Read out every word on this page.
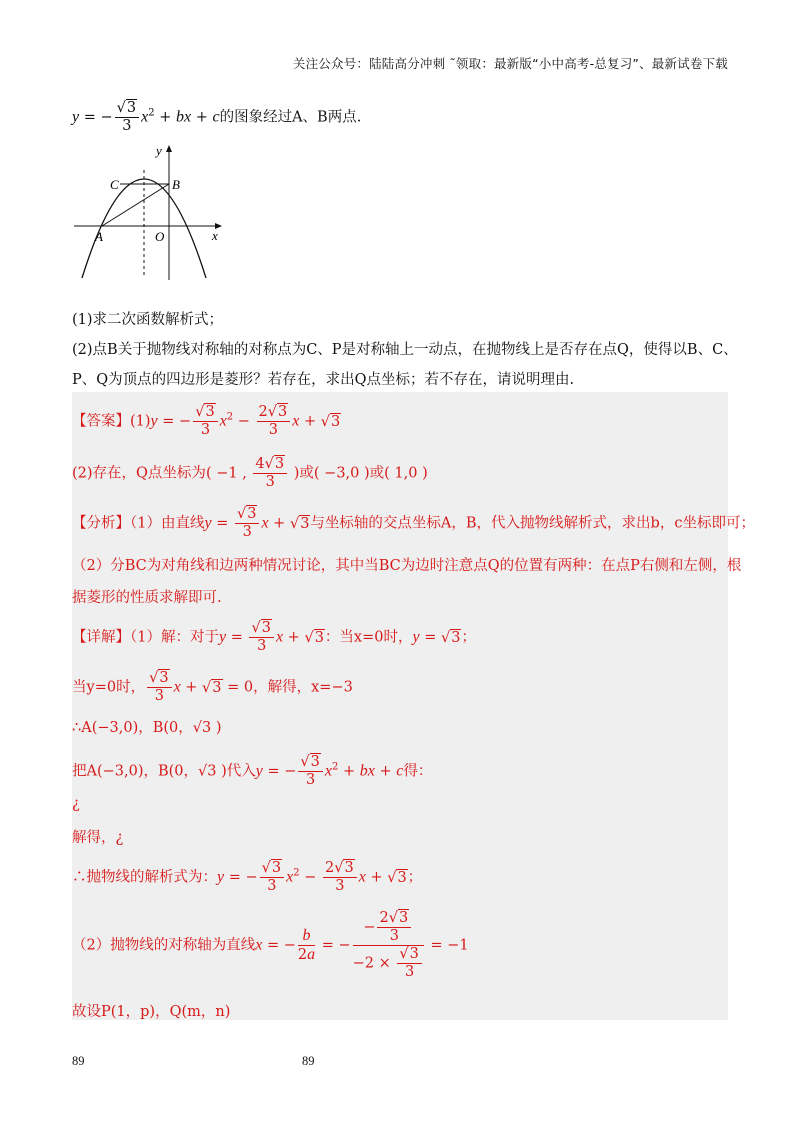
关注公众号：陆陆高分冲刺 ˜领取：最新版“小中高考-总复习”、最新试卷下载
y = − $\frac{√3}{3} x^2$ + bx + c的图象经过A、B两点.
y
x
O
A
B
C
(1)求二次函数解析式；
(2)点B关于抛物线对称轴的对称点为C、P是对称轴上一动点，在抛物线上是否存在点Q，使得以B、C、
P、Q为顶点的四边形是菱形？若存在，求出Q点坐标；若不存在，请说明理由.
【答案】(1)y = − $\frac{√3}{3} x^2 - \frac{2√3}{3}$ x + √3
(2)存在，Q点坐标为( −1 , $\frac{4√3}{3}$ )或( −3,0 )或( 1,0 )
【分析】（1）由直线$y = \frac{√3}{3}$ x + √3与坐标轴的交点坐标A，B，代入抛物线解析式，求出b，c坐标即可；
（2）分BC为对角线和边两种情况讨论，其中当BC为边时注意点Q的位置有两种：在点P右侧和左侧，根
据菱形的性质求解即可.
【详解】（1）解：对于$y = \frac{√3}{3}$ x + √3：当x=0时，y = √3；
当y=0时， $\frac{√3}{3}$ x + √3 = 0，解得，x=−3
∴A(−3,0)，B(0，√3 )
把A(−3,0)，B(0，√3 )代入y = − $\frac{√3}{3} x^2$ + bx + c得：
¿
解得，¿
∴抛物线的解析式为：y = − $\frac{√3}{3} x^2 - \frac{2√3}{3}$ x + √3；
（2）抛物线的对称轴为直线x = − $\frac{b}{2a}$ = − $\frac{- \frac{2√3}{3}}{-2 \times \frac{√3}{3}} = -1$
故设P(1，p)，Q(m，n)
89	89
